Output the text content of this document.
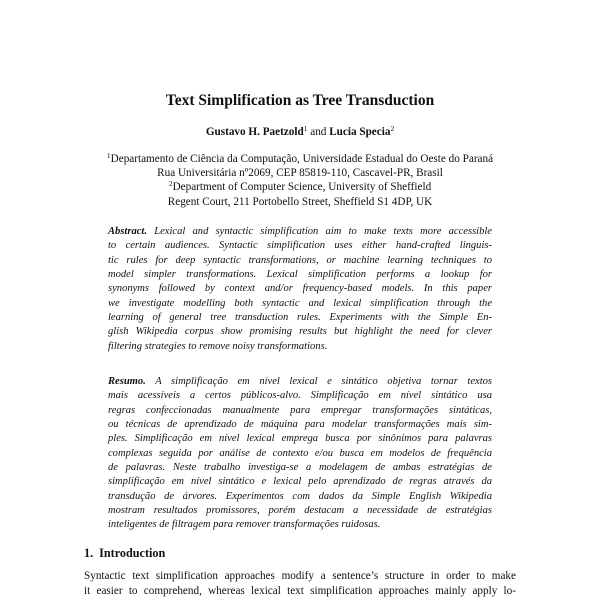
Text Simplification as Tree Transduction

Gustavo H. Paetzold$^1$ and Lucia Specia$^2$

$^1$Departamento de Ciência da Computação, Universidade Estadual do Oeste do Paraná
Rua Universitária nº2069, CEP 85819-110, Cascavel-PR, Brasil
$^2$Department of Computer Science, University of Sheffield
Regent Court, 211 Portobello Street, Sheffield S1 4DP, UK
Abstract. Lexical and syntactic simplification aim to make texts more accessible
to certain audiences. Syntactic simplification uses either hand-crafted linguis-
tic rules for deep syntactic transformations, or machine learning techniques to
model simpler transformations. Lexical simplification performs a lookup for
synonyms followed by context and/or frequency-based models. In this paper
we investigate modelling both syntactic and lexical simplification through the
learning of general tree transduction rules. Experiments with the Simple En-
glish Wikipedia corpus show promising results but highlight the need for clever
filtering strategies to remove noisy transformations.
Resumo. A simplificação em nível lexical e sintático objetiva tornar textos
mais acessíveis a certos públicos-alvo. Simplificação em nível sintático usa
regras confeccionadas manualmente para empregar transformações sintáticas,
ou técnicas de aprendizado de máquina para modelar transformações mais sim-
ples. Simplificação em nível lexical emprega busca por sinônimos para palavras
complexas seguida por análise de contexto e/ou busca em modelos de frequência
de palavras. Neste trabalho investiga-se a modelagem de ambas estratégias de
simplificação em nível sintático e lexical pelo aprendizado de regras através da
transdução de árvores. Experimentos com dados da Simple English Wikipedia
mostram resultados promissores, porém destacam a necessidade de estratégias
inteligentes de filtragem para remover transformações ruidosas.
1. Introduction
Syntactic text simplification approaches modify a sentence’s structure in order to make
it easier to comprehend, whereas lexical text simplification approaches mainly apply lo-
